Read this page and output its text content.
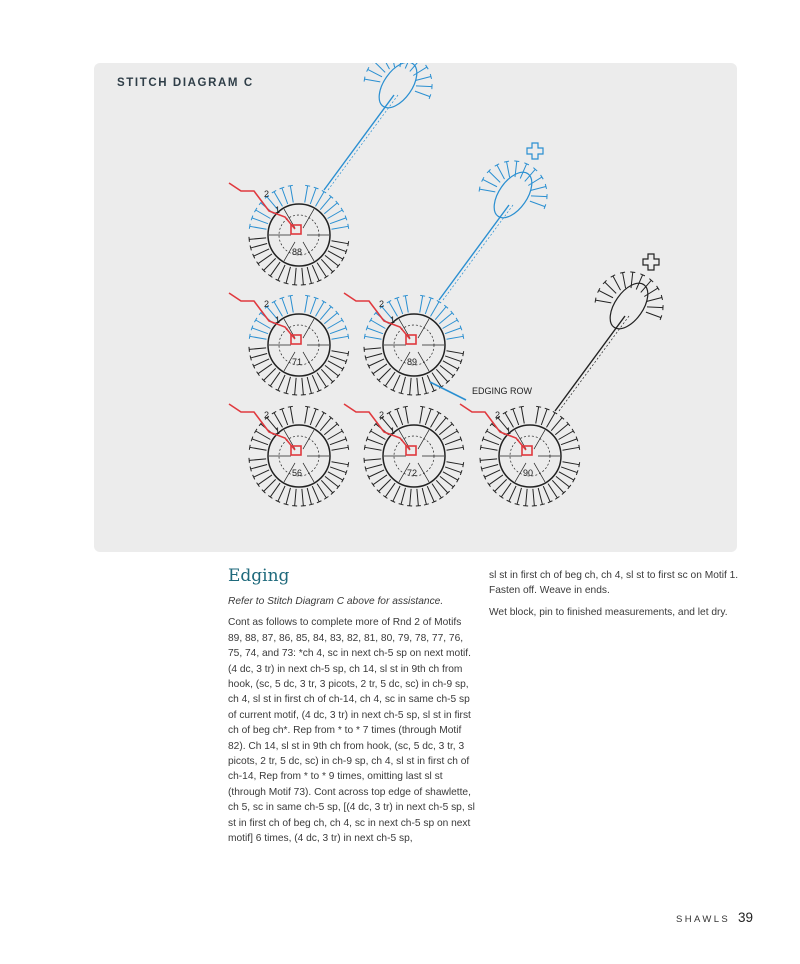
STITCH DIAGRAM C
2
1
88
2
1
71
2
1
89
2
1
56
2
1
72
2
1
90
EDGING ROW
Edging

Refer to Stitch Diagram C above for assistance.

Cont as follows to complete more of Rnd 2 of Motifs 89, 88, 87, 86, 85, 84, 83, 82, 81, 80, 79, 78, 77, 76, 75, 74, and 73: *ch 4, sc in next ch-5 sp on next motif. (4 dc, 3 tr) in next ch-5 sp, ch 14, sl st in 9th ch from hook, (sc, 5 dc, 3 tr, 3 picots, 2 tr, 5 dc, sc) in ch-9 sp, ch 4, sl st in first ch of ch-14, ch 4, sc in same ch-5 sp of current motif, (4 dc, 3 tr) in next ch-5 sp, sl st in first ch of beg ch*. Rep from * to * 7 times (through Motif 82). Ch 14, sl st in 9th ch from hook, (sc, 5 dc, 3 tr, 3 picots, 2 tr, 5 dc, sc) in ch-9 sp, ch 4, sl st in first ch of ch-14, Rep from * to * 9 times, omitting last sl st (through Motif 73). Cont across top edge of shawlette, ch 5, sc in same ch-5 sp, [(4 dc, 3 tr) in next ch-5 sp, sl st in first ch of beg ch, ch 4, sc in next ch-5 sp on next motif] 6 times, (4 dc, 3 tr) in next ch-5 sp,

sl st in first ch of beg ch, ch 4, sl st to first sc on Motif 1. Fasten off. Weave in ends.

Wet block, pin to finished measurements, and let dry.

SHAWLS 39
